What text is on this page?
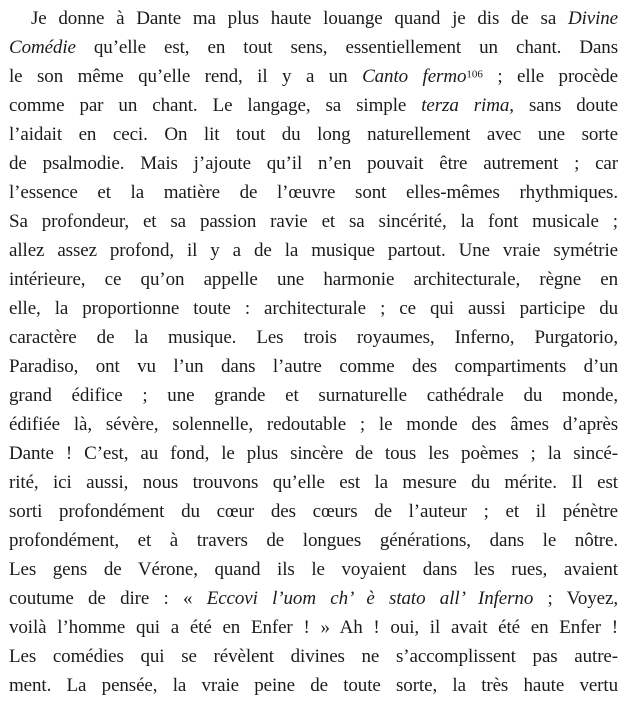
Je donne à Dante ma plus haute louange quand je dis de sa Divine
Comédie qu’elle est, en tout sens, essentiellement un chant. Dans
le son même qu’elle rend, il y a un Canto fermo$^{106}$ ; elle procède
comme par un chant. Le langage, sa simple terza rima, sans doute
l’aidait en ceci. On lit tout du long naturellement avec une sorte
de psalmodie. Mais j’ajoute qu’il n’en pouvait être autrement ; car
l’essence et la matière de l’œuvre sont elles-mêmes rhythmiques.
Sa profondeur, et sa passion ravie et sa sincérité, la font musicale ;
allez assez profond, il y a de la musique partout. Une vraie symétrie
intérieure, ce qu’on appelle une harmonie architecturale, règne en
elle, la proportionne toute : architecturale ; ce qui aussi participe du
caractère de la musique. Les trois royaumes, Inferno, Purgatorio,
Paradiso, ont vu l’un dans l’autre comme des compartiments d’un
grand édifice ; une grande et surnaturelle cathédrale du monde,
édifiée là, sévère, solennelle, redoutable ; le monde des âmes d’après
Dante ! C’est, au fond, le plus sincère de tous les poèmes ; la sincé-
rité, ici aussi, nous trouvons qu’elle est la mesure du mérite. Il est
sorti profondément du cœur des cœurs de l’auteur ; et il pénètre
profondément, et à travers de longues générations, dans le nôtre.
Les gens de Vérone, quand ils le voyaient dans les rues, avaient
coutume de dire : « Eccovi l’uom ch’ è stato all’ Inferno ; Voyez,
voilà l’homme qui a été en Enfer ! » Ah ! oui, il avait été en Enfer !
Les comédies qui se révèlent divines ne s’accomplissent pas autre-
ment. La pensée, la vraie peine de toute sorte, la très haute vertu
